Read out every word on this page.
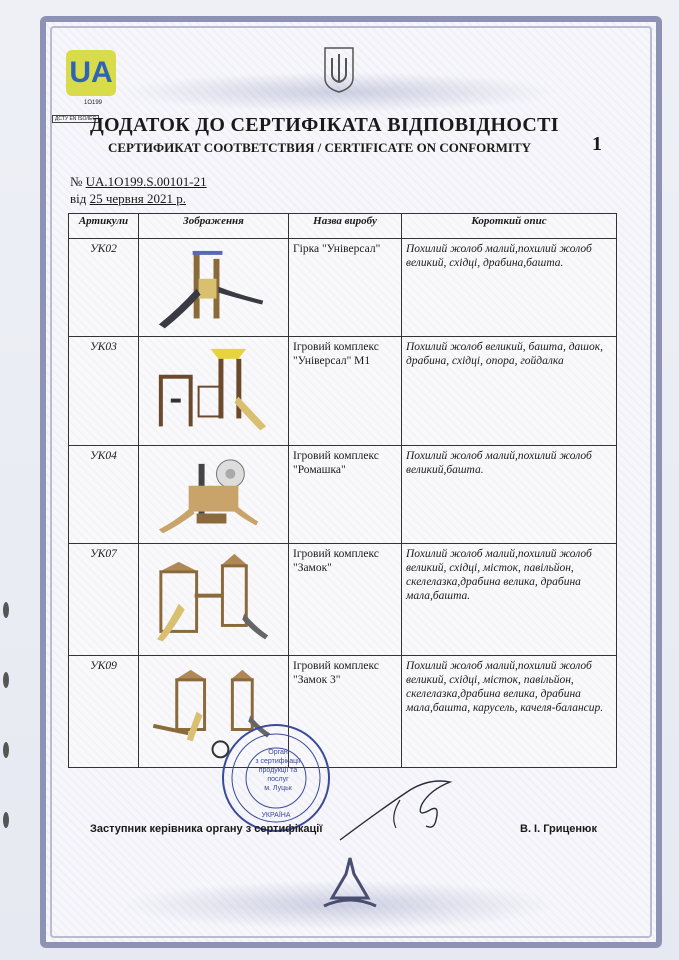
UA
1O199
ДСТУ EN ISO/IEC
ДОДАТОК ДО СЕРТИФІКАТА ВІДПОВІДНОСТІ
СЕРТИФИКАТ СООТВЕТСТВИЯ / CERTIFICATE ON CONFORMITY	1
№ UA.1O199.S.00101-21
від 25 червня 2021 р.
Артикули	Зображення	Назва виробу	Короткий опис
УК02		Гірка "Універсал"	Похилий жолоб малий,похилий жолоб великий, східці, драбина,башта.
УК03		Ігровий комплекс "Універсал" М1	Похилий жолоб великий, башта, дашок, драбина, східці, опора, гойдалка
УК04		Ігровий комплекс "Ромашка"	Похилий жолоб малий,похилий жолоб великий,башта.
УК07		Ігровий комплекс "Замок"	Похилий жолоб малий,похилий жолоб великий, східці, місток, павільйон, скелелазка,драбина велика, драбина мала,башта.
УК09		Ігровий комплекс "Замок 3"	Похилий жолоб малий,похилий жолоб великий, східці, місток, павільйон, скелелазка,драбина велика, драбина мала,башта, карусель, качеля-балансир.
УКРАЇНА
Орган
з сертифікації
продукції та послуг
м. Луцьк
Заступник керівника органу з сертифікації	В. І. Гриценюк
